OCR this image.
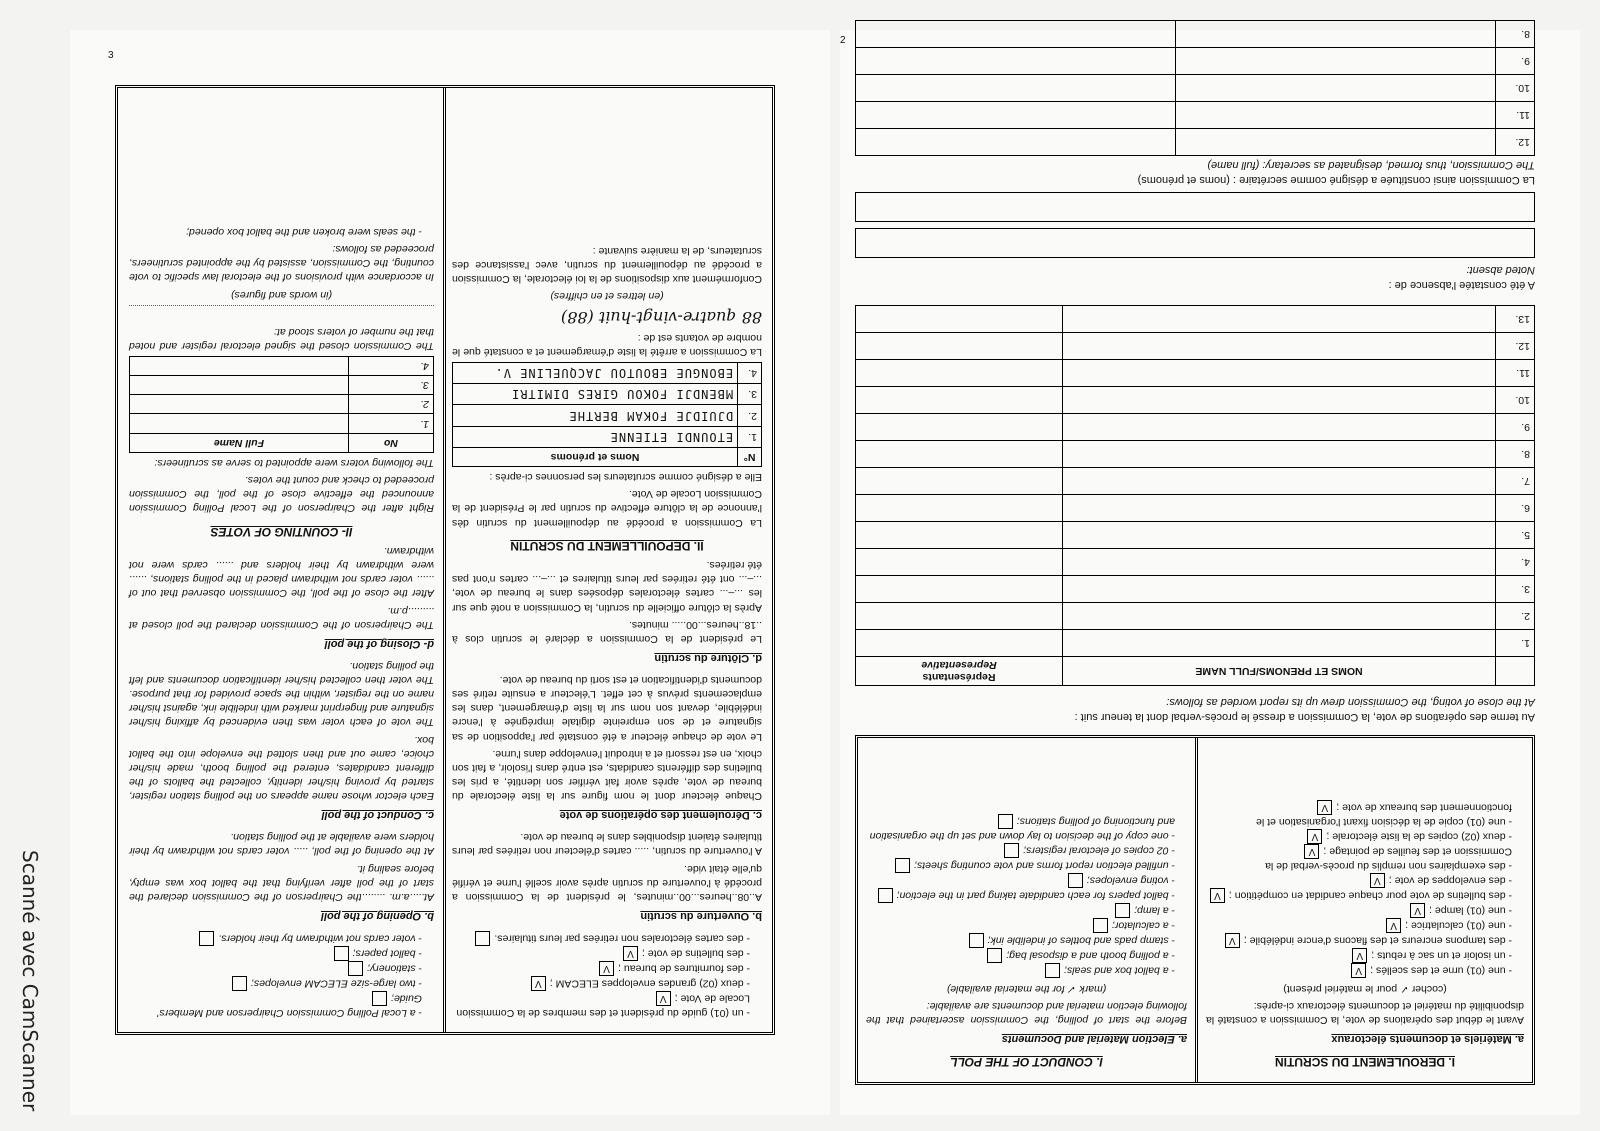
Scanné avec CamScanner
3
- un (01) guide du président et des membres de la Commission Locale de Vote ;V
- deux (02) grandes enveloppes ELECAM ;V
- des fournitures de bureau ;V
- des bulletins de vote ;V
- des cartes électorales non retirées par leurs titulaires.
b. Ouverture du scrutin

A..08..heures...00..minutes, le président de la Commission a procédé à l'ouverture du scrutin après avoir scellé l'urne et vérifié qu'elle était vide.

A l'ouverture du scrutin, ..... cartes d'électeur non retirées par leurs titulaires étaient disponibles dans le bureau de vote.

c. Déroulement des opérations de vote

Chaque électeur dont le nom figure sur la liste électorale du bureau de vote, après avoir fait vérifier son identité, a pris les bulletins des différents candidats, est entré dans l'isoloir, a fait son choix, en est ressorti et a introduit l'enveloppe dans l'urne.

Le vote de chaque électeur a été constaté par l'apposition de sa signature et de son empreinte digitale imprégnée à l'encre indélébile, devant son nom sur la liste d'émargement, dans les emplacements prévus à cet effet. L'électeur a ensuite retiré ses documents d'identification et est sorti du bureau de vote.

d. Clôture du scrutin

Le président de la Commission a déclaré le scrutin clos à ..18..heures...00..... minutes.

Après la clôture officielle du scrutin, la Commission a noté que sur les ...–... cartes électorales déposées dans le bureau de vote, ...–... ont été retirées par leurs titulaires et ...–... cartes n'ont pas été retirées.

II. DEPOUILLEMENT DU SCRUTIN

La Commission a procédé au dépouillement du scrutin dès l'annonce de la clôture effective du scrutin par le Président de la Commission Locale de Vote.

Elle a désigné comme scrutateurs les personnes ci-après :

N°	Noms et prénoms
1.	ETOUNDI ETIENNE
2.	DJUIDJE FOKAM BERTHE
3.	MBENDJI FOKOU GIRES DIMITRI
4.	EBONGUE EBOUTOU JACQUELINE V.

La Commission a arrêté la liste d'émargement et a constaté que le nombre de votants est de :

88 quatre-vingt-huit (88)

(en lettres et en chiffres)

Conformément aux dispositions de la loi électorale, la Commission a procédé au dépouillement du scrutin, avec l'assistance des scrutateurs, de la manière suivante :

- a Local Polling Commission Chairperson and Members' Guide;
- two large-size ELECAM envelopes;
- stationery;
- ballot papers;
- voter cards not withdrawn by their holders.
b. Opening of the poll

At.....a.m. ........the Chairperson of the Commission declared the start of the poll after verifying that the ballot box was empty, before sealing it.

At the opening of the poll, ..... voter cards not withdrawn by their holders were available at the polling station.

c. Conduct of the poll

Each elector whose name appears on the polling station register, started by proving his/her identity, collected the ballots of the different candidates, entered the polling booth, made his/her choice, came out and then slotted the envelope into the ballot box.

The vote of each voter was then evidenced by affixing his/her signature and fingerprint marked with indelible ink, against his/her name on the register, within the space provided for that purpose. The voter then collected his/her identification documents and left the polling station.

d- Closing of the poll

The Chairperson of the Commission declared the poll closed at .........p.m.

After the close of the poll, the Commission observed that out of ...... voter cards not withdrawn placed in the polling stations, ...... were withdrawn by their holders and ...... cards were not withdrawn.

II- COUNTING OF VOTES

Right after the Chairperson of the Local Polling Commission announced the effective close of the poll, the Commission proceeded to check and count the votes.

The following voters were appointed to serve as scrutineers:

No	Full Name
1.	
2.	
3.	
4.	

The Commission closed the signed electoral register and noted that the number of voters stood at:

(in words and figures)

In accordance with provisions of the electoral law specific to vote counting, the Commission, assisted by the appointed scrutineers, proceeded as follows:

- the seals were broken and the ballot box opened;
2
I. DEROULEMENT DU SCRUTIN
a. Matériels et documents électoraux

Avant le début des opérations de vote, la Commission a constaté la disponibilité du matériel et documents électoraux ci-après:

(cocher ✓ pour le matériel présent)

- une (01) urne et des scellés ;V
- un isoloir et un sac à rebuts ;V
- des tampons encreurs et des flacons d'encre indélébile ;V
- une (01) calculatrice ;V
- une (01) lampe ;V
- des bulletins de vote pour chaque candidat en compétition ;V
- des enveloppes de vote ;V
- des exemplaires non remplis du procès-verbal de la Commission et des feuilles de pointage ;V
- deux (02) copies de la liste électorale ;V
- une (01) copie de la décision fixant l'organisation et le fonctionnement des bureaux de vote ;V
I. CONDUCT OF THE POLL
a. Election Material and Documents

Before the start of polling, the Commission ascertained that the following election material and documents are available:

(mark ✓ for the material available)

- a ballot box and seals;
- a polling booth and a disposal bag;
- stamp pads and bottles of indelible ink;
- a calculator;
- a lamp;
- ballot papers for each candidate taking part in the election;
- voting envelopes;
- unfilled election report forms and vote counting sheets;
- 02 copies of electoral registers;
- one copy of the decision to lay down and set up the organisation and functioning of polling stations;

Au terme des opérations de vote, la Commission a dressé le procès-verbal dont la teneur suit :

At the close of voting, the Commission drew up its report worded as follows:

	NOMS ET PRENOMS/FULL NAME	Représentants
Representative
1.		
2.		
3.		
4.		
5.		
6.		
7.		
8.		
9.		
10.		
11.		
12.		
13.		

A été constatée l'absence de :

Noted absent:

La Commission ainsi constituée a désigné comme secrétaire : (noms et prénoms)

The Commission, thus formed, designated as secretary: (full name)

12.		
11.		
10.		
9.		
8.		
